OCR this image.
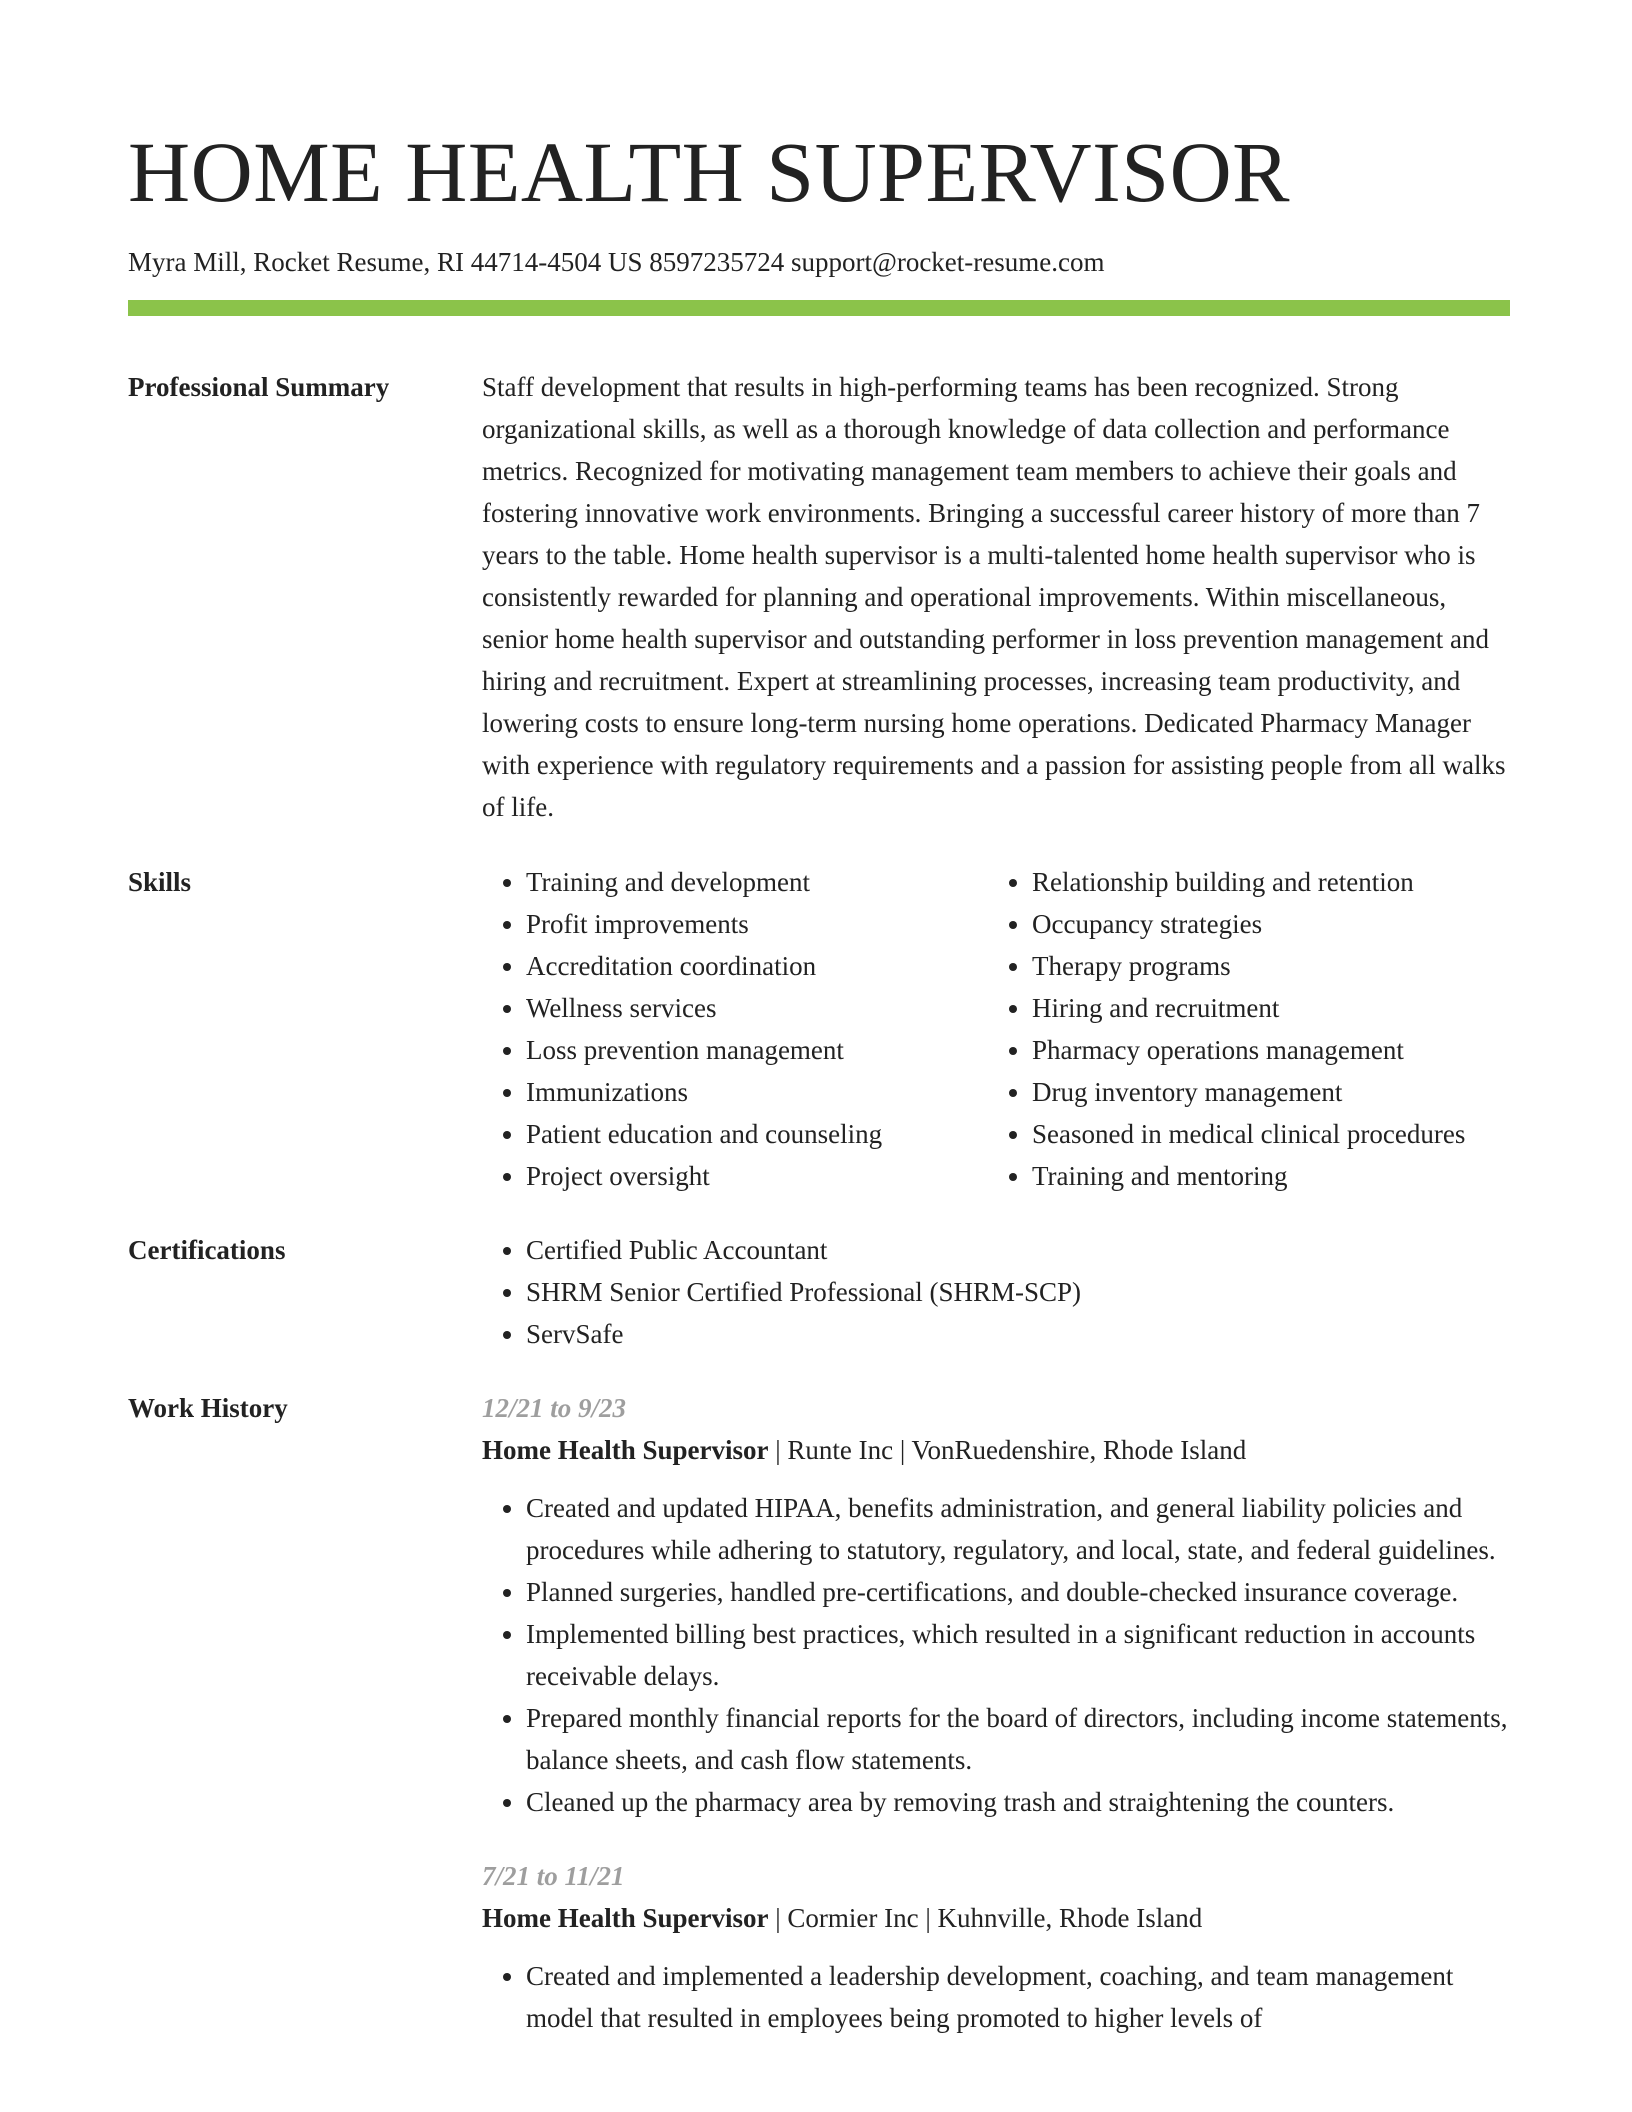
HOME HEALTH SUPERVISOR
Myra Mill, Rocket Resume, RI 44714-4504 US 8597235724 support@rocket-resume.com
Professional Summary	Staff development that results in high-performing teams has been recognized. Strong organizational skills, as well as a thorough knowledge of data collection and performance metrics. Recognized for motivating management team members to achieve their goals and fostering innovative work environments. Bringing a successful career history of more than 7 years to the table. Home health supervisor is a multi-talented home health supervisor who is consistently rewarded for planning and operational improvements. Within miscellaneous, senior home health supervisor and outstanding performer in loss prevention management and hiring and recruitment. Expert at streamlining processes, increasing team productivity, and lowering costs to ensure long-term nursing home operations. Dedicated Pharmacy Manager with experience with regulatory requirements and a passion for assisting people from all walks of life.

Skills	• Training and development
• Profit improvements
• Accreditation coordination
• Wellness services
• Loss prevention management
• Immunizations
• Patient education and counseling
• Project oversight
• Relationship building and retention
• Occupancy strategies
• Therapy programs
• Hiring and recruitment
• Pharmacy operations management
• Drug inventory management
• Seasoned in medical clinical procedures
• Training and mentoring
Certifications	• Certified Public Accountant
• SHRM Senior Certified Professional (SHRM-SCP)
• ServSafe
Work History	12/21 to 9/23
Home Health Supervisor | Runte Inc | VonRuedenshire, Rhode Island
• Created and updated HIPAA, benefits administration, and general liability policies and procedures while adhering to statutory, regulatory, and local, state, and federal guidelines.
• Planned surgeries, handled pre-certifications, and double-checked insurance coverage.
• Implemented billing best practices, which resulted in a significant reduction in accounts receivable delays.
• Prepared monthly financial reports for the board of directors, including income statements, balance sheets, and cash flow statements.
• Cleaned up the pharmacy area by removing trash and straightening the counters.
7/21 to 11/21
Home Health Supervisor | Cormier Inc | Kuhnville, Rhode Island
• Created and implemented a leadership development, coaching, and team management model that resulted in employees being promoted to higher levels of
